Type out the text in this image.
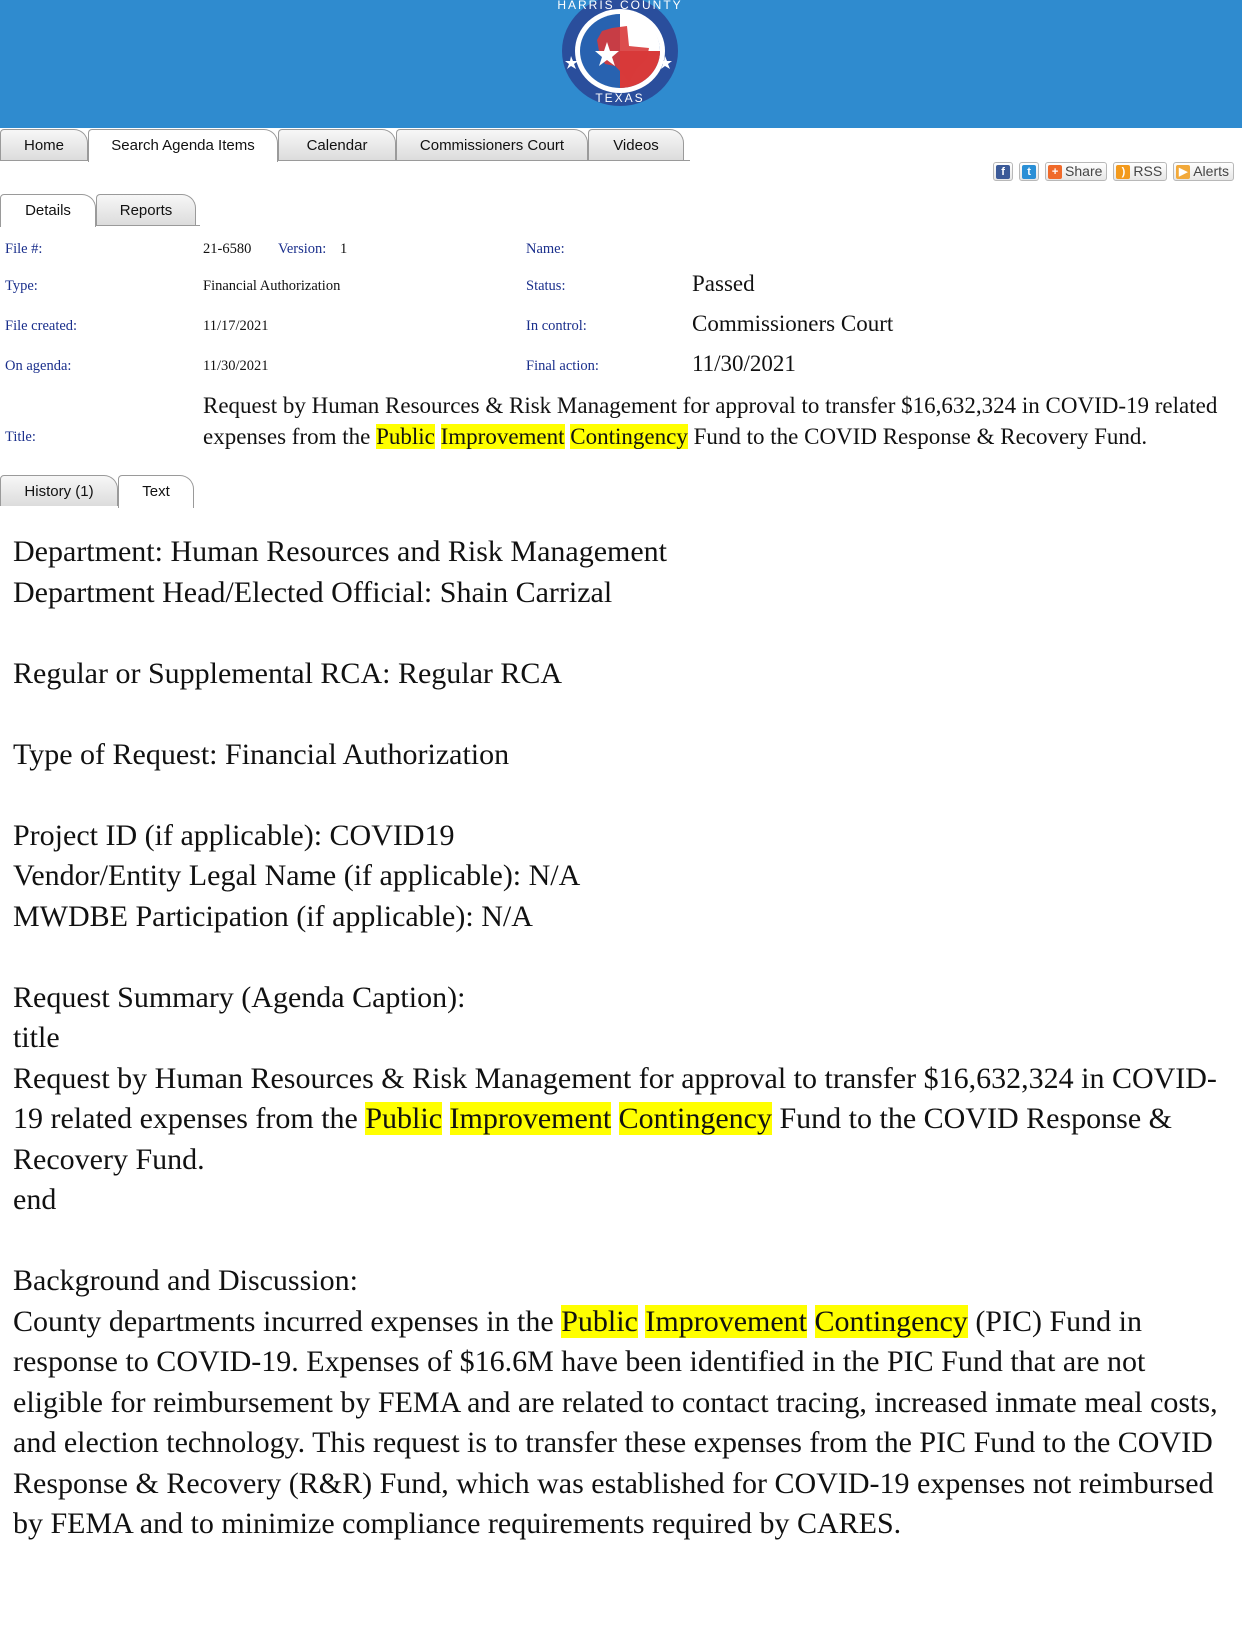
HARRIS COUNTY
TEXAS
Home	Search Agenda Items	Calendar	Commissioners Court	Videos
f	t	+ Share	) RSS ▶ Alerts
Details	Reports
File #:	21-6580 Version: 1	Name:
Type:	Financial Authorization	Status:	Passed
File created:	11/17/2021	In control:	Commissioners Court
On agenda:	11/30/2021	Final action:	11/30/2021
Title:
Request by Human Resources & Risk Management for approval to transfer $16,632,324 in COVID-19 related expenses from the Public Improvement Contingency Fund to the COVID Response & Recovery Fund.
History (1)	Text

Department: Human Resources and Risk Management

Department Head/Elected Official: Shain Carrizal

Regular or Supplemental RCA: Regular RCA

Type of Request: Financial Authorization

Project ID (if applicable): COVID19

Vendor/Entity Legal Name (if applicable): N/A

MWDBE Participation (if applicable): N/A

Request Summary (Agenda Caption):

title

Request by Human Resources & Risk Management for approval to transfer $16,632,324 in COVID-19 related expenses from the Public Improvement Contingency Fund to the COVID Response & Recovery Fund.

end

Background and Discussion:

County departments incurred expenses in the Public Improvement Contingency (PIC) Fund in response to COVID-19. Expenses of $16.6M have been identified in the PIC Fund that are not eligible for reimbursement by FEMA and are related to contact tracing, increased inmate meal costs, and election technology. This request is to transfer these expenses from the PIC Fund to the COVID Response & Recovery (R&R) Fund, which was established for COVID-19 expenses not reimbursed by FEMA and to minimize compliance requirements required by CARES.
